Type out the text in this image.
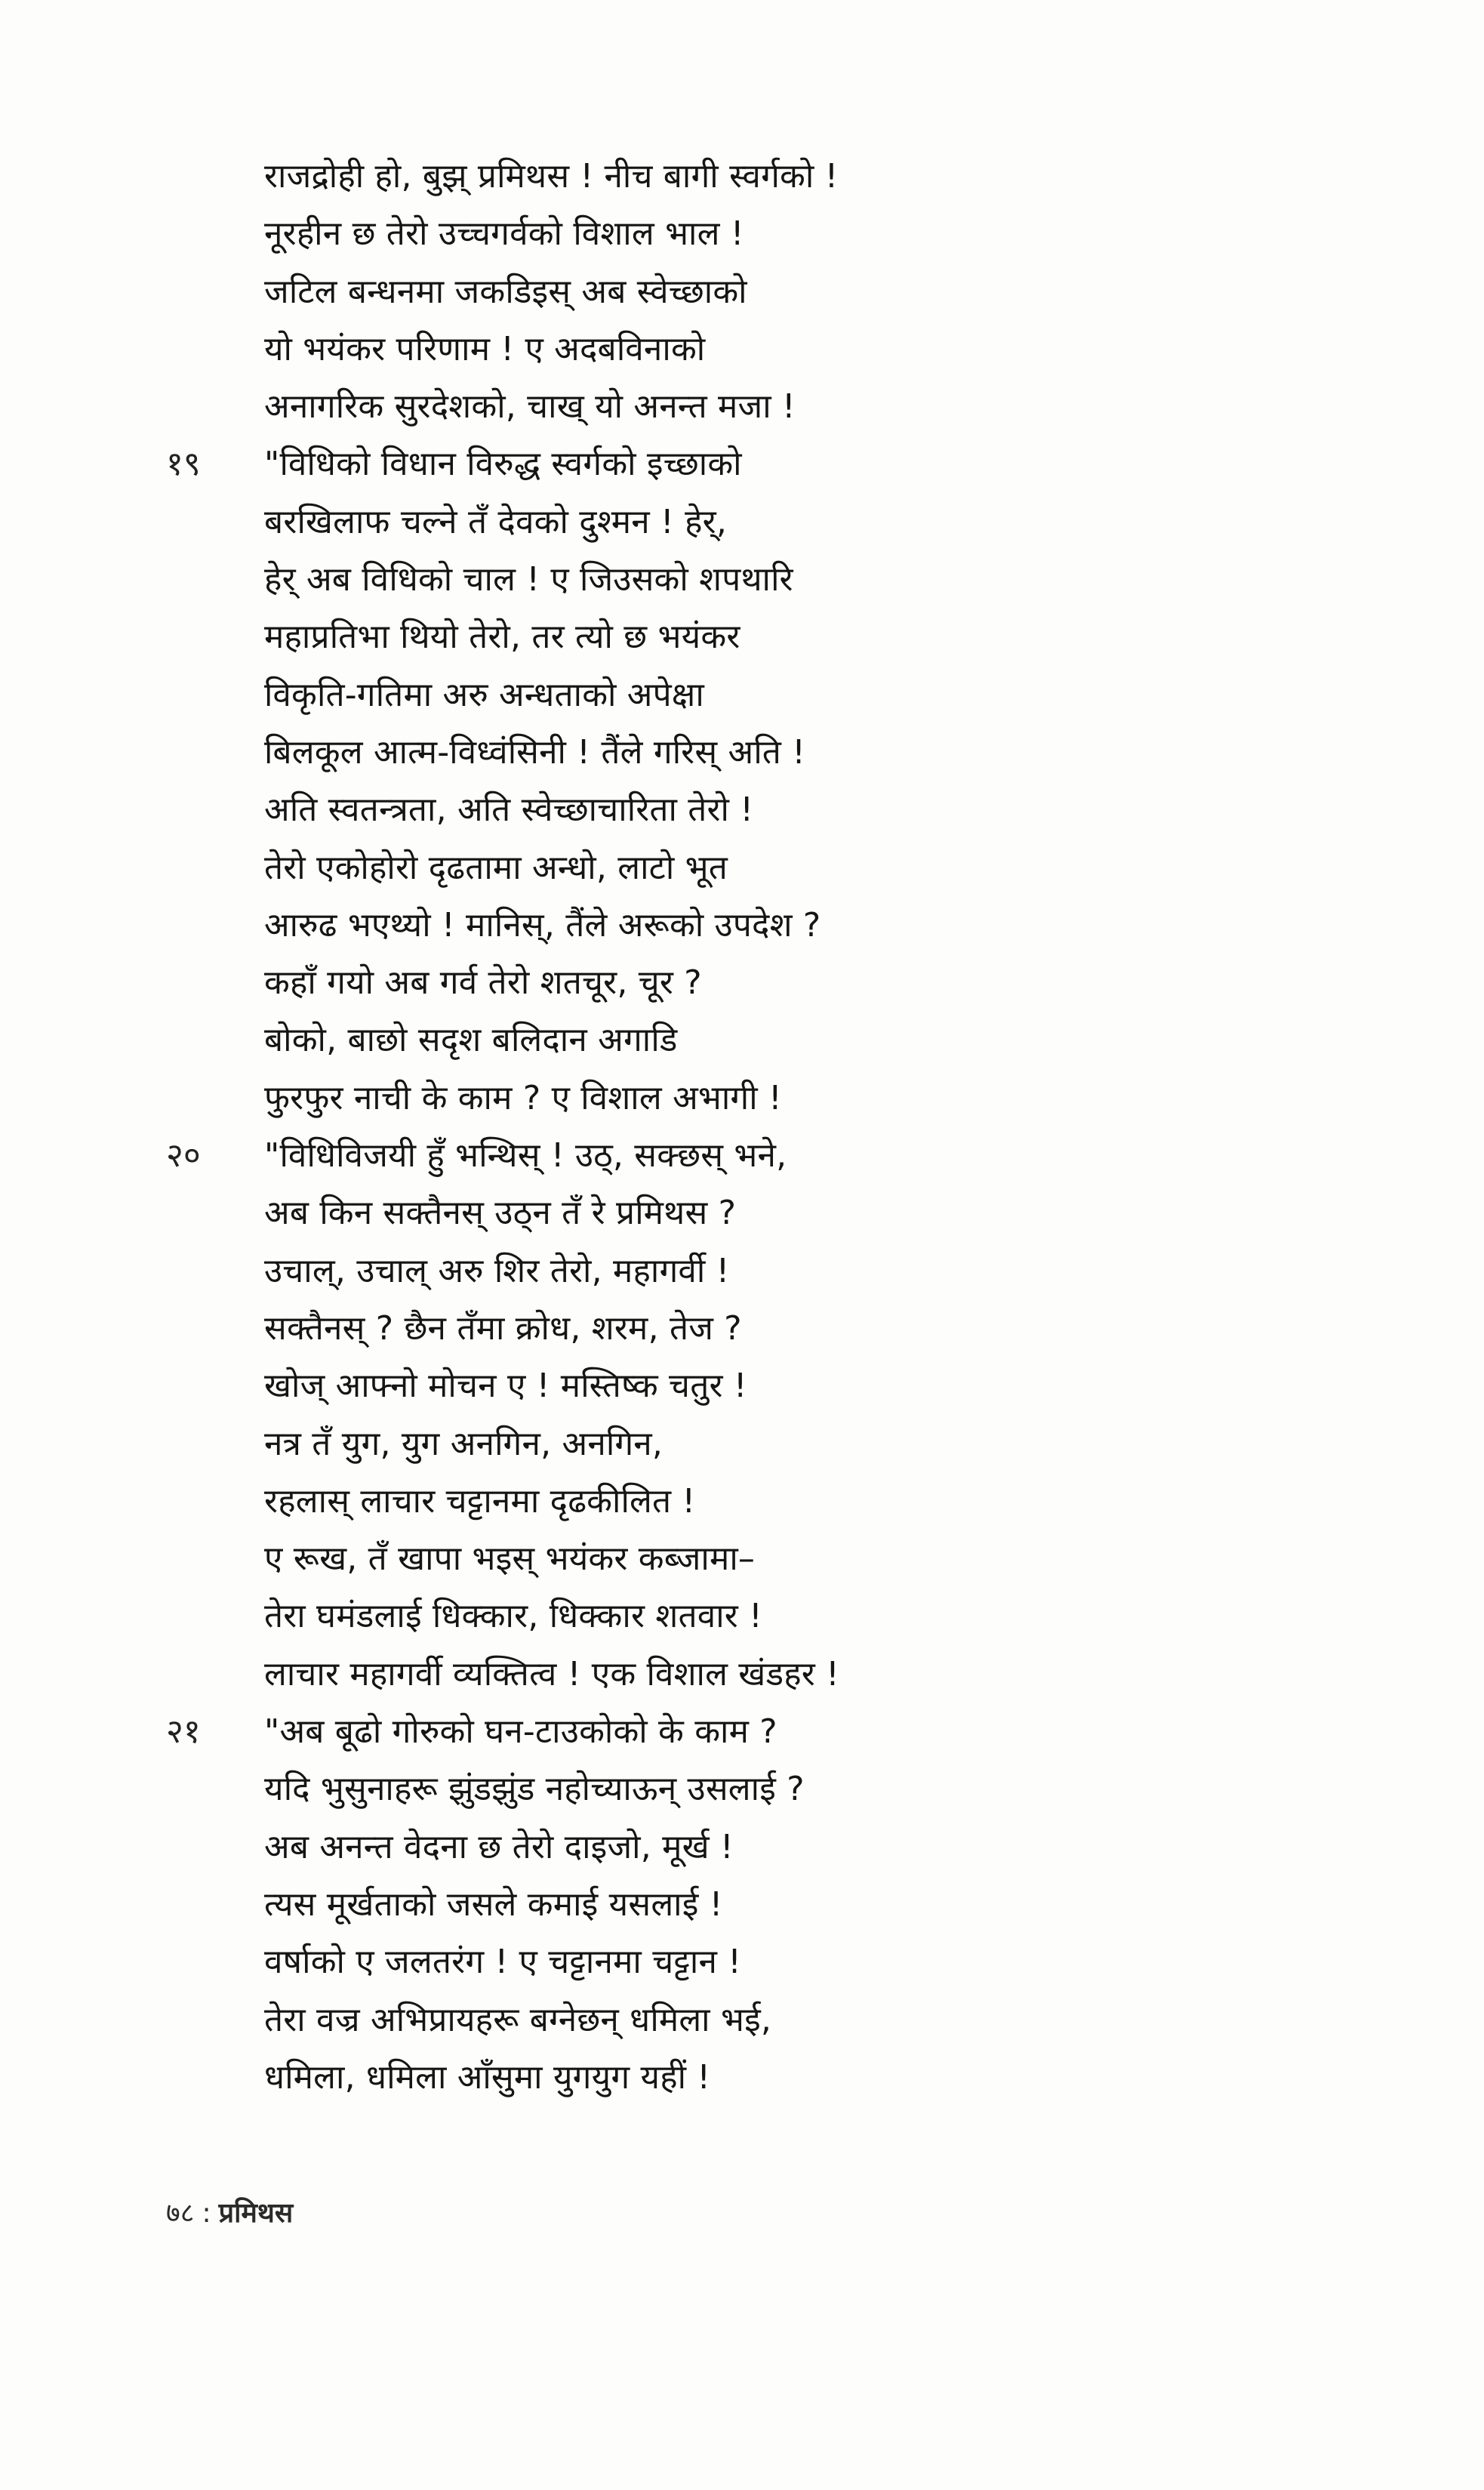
राजद्रोही हो, बुझ् प्रमिथस ! नीच बागी स्वर्गको !
नूरहीन छ तेरो उच्चगर्वको विशाल भाल !
जटिल बन्धनमा जकडिइस् अब स्वेच्छाको
यो भयंकर परिणाम ! ए अदबविनाको
अनागरिक सुरदेशको, चाख् यो अनन्त मजा !
१९	"विधिको विधान विरुद्ध स्वर्गको इच्छाको
बरखिलाफ चल्ने तँ देवको दुश्मन ! हेर्,
हेर् अब विधिको चाल ! ए जिउसको शपथारि
महाप्रतिभा थियो तेरो, तर त्यो छ भयंकर
विकृति-गतिमा अरु अन्धताको अपेक्षा
बिलकूल आत्म-विध्वंसिनी ! तैंले गरिस् अति !
अति स्वतन्त्रता, अति स्वेच्छाचारिता तेरो !
तेरो एकोहोरो दृढतामा अन्धो, लाटो भूत
आरुढ भएथ्यो ! मानिस्, तैंले अरूको उपदेश ?
कहाँ गयो अब गर्व तेरो शतचूर, चूर ?
बोको, बाछो सदृश बलिदान अगाडि
फुरफुर नाची के काम ? ए विशाल अभागी !
२०	"विधिविजयी हुँ भन्थिस् ! उठ्, सक्छस् भने,
अब किन सक्तैनस् उठ्न तँ रे प्रमिथस ?
उचाल्, उचाल् अरु शिर तेरो, महागर्वी !
सक्तैनस् ? छैन तँमा क्रोध, शरम, तेज ?
खोज् आफ्नो मोचन ए ! मस्तिष्क चतुर !
नत्र तँ युग, युग अनगिन, अनगिन,
रहलास् लाचार चट्टानमा दृढकीलित !
ए रूख, तँ खापा भइस् भयंकर कब्जामा–
तेरा घमंडलाई धिक्कार, धिक्कार शतवार !
लाचार महागर्वी व्यक्तित्व ! एक विशाल खंडहर !
२१	"अब बूढो गोरुको घन-टाउकोको के काम ?
यदि भुसुनाहरू झुंडझुंड नहोच्याऊन् उसलाई ?
अब अनन्त वेदना छ तेरो दाइजो, मूर्ख !
त्यस मूर्खताको जसले कमाई यसलाई !
वर्षाको ए जलतरंग ! ए चट्टानमा चट्टान !
तेरा वज्र अभिप्रायहरू बग्नेछन् धमिला भई,
धमिला, धमिला आँसुमा युगयुग यहीं !
७८ : प्रमिथस
